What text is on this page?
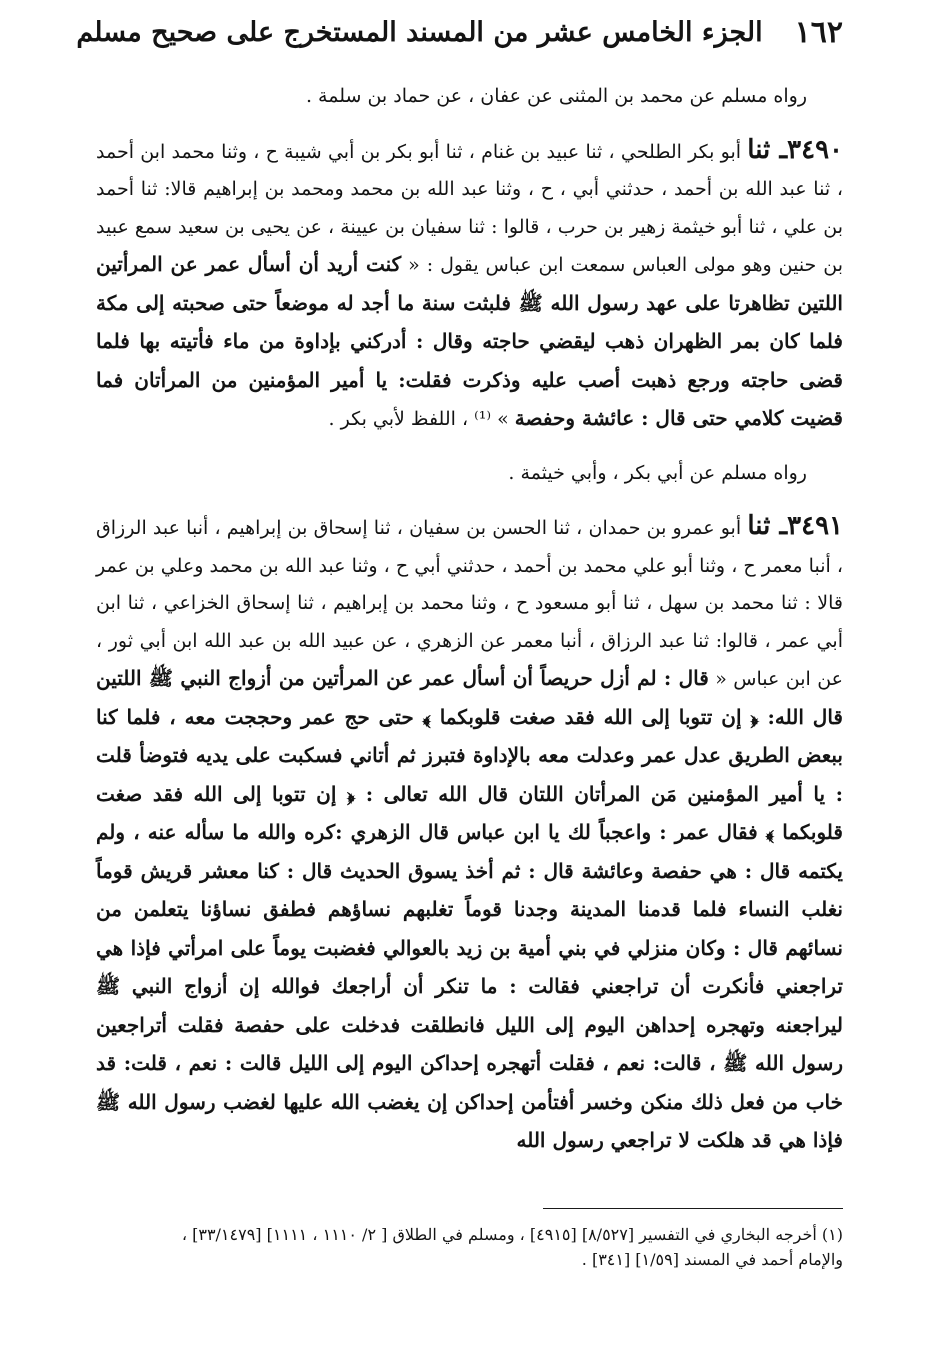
١٦٢
الجزء الخامس عشر من المسند المستخرج على صحيح مسلم

رواه مسلم عن محمد بن المثنى عن عفان ، عن حماد بن سلمة .

٣٤٩٠ـ ثنا أبو بكر الطلحي ، ثنا عبيد بن غنام ، ثنا أبو بكر بن أبي شيبة ح ، وثنا محمد ابن أحمد ، ثنا عبد الله بن أحمد ، حدثني أبي ، ح ، وثنا عبد الله بن محمد ومحمد بن إبراهيم قالا: ثنا أحمد بن علي ، ثنا أبو خيثمة زهير بن حرب ، قالوا : ثنا سفيان بن عيينة ، عن يحيى بن سعيد سمع عبيد بن حنين وهو مولى العباس سمعت ابن عباس يقول : « كنت أريد أن أسأل عمر عن المرأتين اللتين تظاهرتا على عهد رسول الله ﷺ فلبثت سنة ما أجد له موضعاً حتى صحبته إلى مكة فلما كان بمر الظهران ذهب ليقضي حاجته وقال : أدركني بإداوة من ماء فأتيته بها فلما قضى حاجته ورجع ذهبت أصب عليه وذكرت فقلت: يا أمير المؤمنين من المرأتان فما قضيت كلامي حتى قال : عائشة وحفصة » ⁽¹⁾ ، اللفظ لأبي بكر .

رواه مسلم عن أبي بكر ، وأبي خيثمة .

٣٤٩١ـ ثنا أبو عمرو بن حمدان ، ثنا الحسن بن سفيان ، ثنا إسحاق بن إبراهيم ، أنبا عبد الرزاق ، أنبا معمر ح ، وثنا أبو علي محمد بن أحمد ، حدثني أبي ح ، وثنا عبد الله بن محمد وعلي بن عمر قالا : ثنا محمد بن سهل ، ثنا أبو مسعود ح ، وثنا محمد بن إبراهيم ، ثنا إسحاق الخزاعي ، ثنا ابن أبي عمر ، قالوا: ثنا عبد الرزاق ، أنبا معمر عن الزهري ، عن عبيد الله بن عبد الله ابن أبي ثور ، عن ابن عباس « قال : لم أزل حريصاً أن أسأل عمر عن المرأتين من أزواج النبي ﷺ اللتين قال الله: ﴿ إن تتوبا إلى الله فقد صغت قلوبكما ﴾ حتى حج عمر وحججت معه ، فلما كنا ببعض الطريق عدل عمر وعدلت معه بالإداوة فتبرز ثم أتاني فسكبت على يديه فتوضأ قلت : يا أمير المؤمنين مَن المرأتان اللتان قال الله تعالى : ﴿ إن تتوبا إلى الله فقد صغت قلوبكما ﴾ فقال عمر : واعجباً لك يا ابن عباس قال الزهري :كره والله ما سأله عنه ، ولم يكتمه قال : هي حفصة وعائشة قال : ثم أخذ يسوق الحديث قال : كنا معشر قريش قوماً نغلب النساء فلما قدمنا المدينة وجدنا قوماً تغلبهم نساؤهم فطفق نساؤنا يتعلمن من نسائهم قال : وكان منزلي في بني أمية بن زيد بالعوالي فغضبت يوماً على امرأتي فإذا هي تراجعني فأنكرت أن تراجعني فقالت : ما تنكر أن أراجعك فوالله إن أزواج النبي ﷺ ليراجعنه وتهجره إحداهن اليوم إلى الليل فانطلقت فدخلت على حفصة فقلت أتراجعين رسول الله ﷺ ، قالت: نعم ، فقلت أتهجره إحداكن اليوم إلى الليل قالت : نعم ، قلت: قد خاب من فعل ذلك منكن وخسر أفتأمن إحداكن إن يغضب الله عليها لغضب رسول الله ﷺ فإذا هي قد هلكت لا تراجعي رسول الله

(١) أخرجه البخاري في التفسير [٨/٥٢٧] [٤٩١٥] ، ومسلم في الطلاق [ ٢/ ١١١٠ ، ١١١١] [٣٣/١٤٧٩] ،

والإمام أحمد في المسند [١/٥٩] [٣٤١] .
